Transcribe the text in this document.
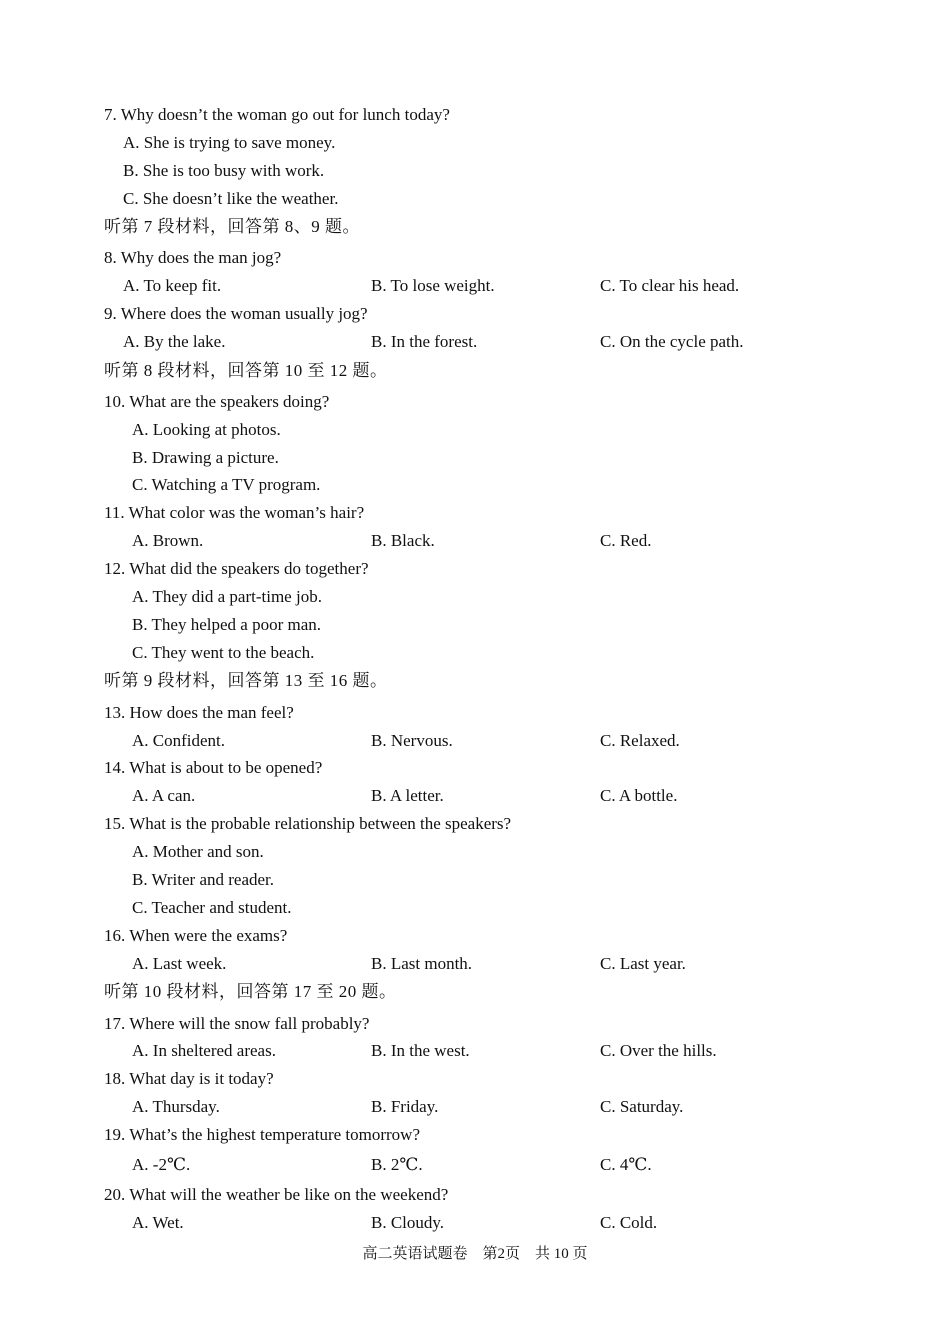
高二英语试题卷    第2页    共 10 页
7. Why doesn’t the woman go out for lunch today?
A. She is trying to save money.
B. She is too busy with work.
C. She doesn’t like the weather.
听第 7 段材料，回答第 8、9 题。
8. Why does the man jog?
A. To keep fit.	B. To lose weight.	C. To clear his head.
9. Where does the woman usually jog?
A. By the lake.	B. In the forest.	C. On the cycle path.
听第 8 段材料，回答第 10 至 12 题。
10. What are the speakers doing?
A. Looking at photos.
B. Drawing a picture.
C. Watching a TV program.
11. What color was the woman’s hair?
A. Brown.	B. Black.	C. Red.
12. What did the speakers do together?
A. They did a part-time job.
B. They helped a poor man.
C. They went to the beach.
听第 9 段材料，回答第 13 至 16 题。
13. How does the man feel?
A. Confident.	B. Nervous.	C. Relaxed.
14. What is about to be opened?
A. A can.	B. A letter.	C. A bottle.
15. What is the probable relationship between the speakers?
A. Mother and son.
B. Writer and reader.
C. Teacher and student.
16. When were the exams?
A. Last week.	B. Last month.	C. Last year.
听第 10 段材料，回答第 17 至 20 题。
17. Where will the snow fall probably?
A. In sheltered areas.	B. In the west.	C. Over the hills.
18. What day is it today?
A. Thursday.	B. Friday.	C. Saturday.
19. What’s the highest temperature tomorrow?
A. -2℃.	B. 2℃.	C. 4℃.
20. What will the weather be like on the weekend?
A. Wet.	B. Cloudy.	C. Cold.
